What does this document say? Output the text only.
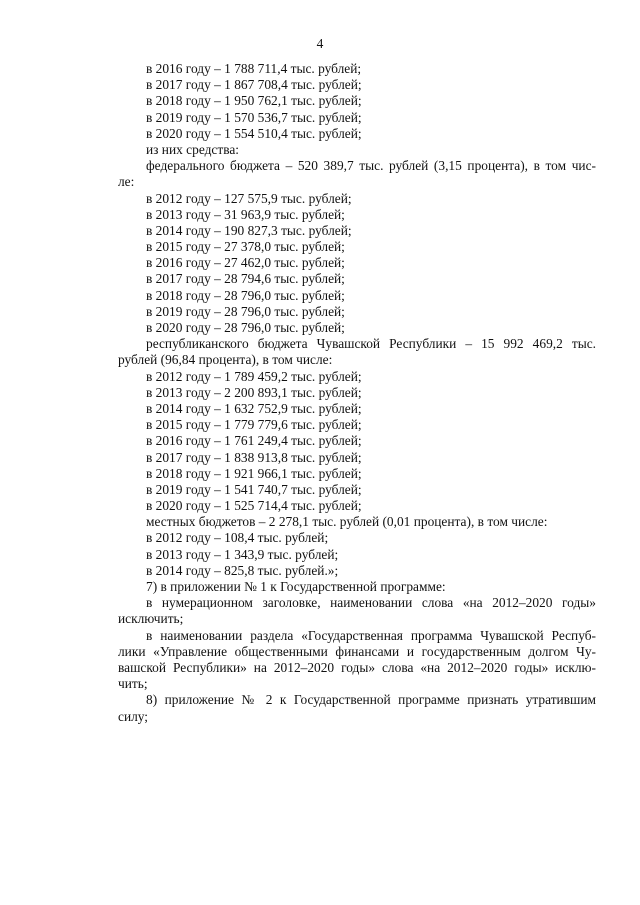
4
в 2016 году – 1 788 711,4 тыс. рублей;
в 2017 году – 1 867 708,4 тыс. рублей;
в 2018 году – 1 950 762,1 тыс. рублей;
в 2019 году – 1 570 536,7 тыс. рублей;
в 2020 году – 1 554 510,4 тыс. рублей;
из них средства:
федерального бюджета – 520 389,7 тыс. рублей (3,15 процента), в том чис-
ле:
в 2012 году – 127 575,9 тыс. рублей;
в 2013 году – 31 963,9 тыс. рублей;
в 2014 году – 190 827,3 тыс. рублей;
в 2015 году – 27 378,0 тыс. рублей;
в 2016 году – 27 462,0 тыс. рублей;
в 2017 году – 28 794,6 тыс. рублей;
в 2018 году – 28 796,0 тыс. рублей;
в 2019 году – 28 796,0 тыс. рублей;
в 2020 году – 28 796,0 тыс. рублей;
республиканского бюджета Чувашской Республики – 15 992 469,2 тыс.
рублей (96,84 процента), в том числе:
в 2012 году – 1 789 459,2 тыс. рублей;
в 2013 году – 2 200 893,1 тыс. рублей;
в 2014 году – 1 632 752,9 тыс. рублей;
в 2015 году – 1 779 779,6 тыс. рублей;
в 2016 году – 1 761 249,4 тыс. рублей;
в 2017 году – 1 838 913,8 тыс. рублей;
в 2018 году – 1 921 966,1 тыс. рублей;
в 2019 году – 1 541 740,7 тыс. рублей;
в 2020 году – 1 525 714,4 тыс. рублей;
местных бюджетов – 2 278,1 тыс. рублей (0,01 процента), в том числе:
в 2012 году – 108,4 тыс. рублей;
в 2013 году – 1 343,9 тыс. рублей;
в 2014 году – 825,8 тыс. рублей.»;
7) в приложении № 1 к Государственной программе:
в нумерационном заголовке, наименовании слова «на 2012–2020 годы»
исключить;
в наименовании раздела «Государственная программа Чувашской Респуб-
лики «Управление общественными финансами и государственным долгом Чу-
вашской Республики» на 2012–2020 годы» слова «на 2012–2020 годы» исклю-
чить;
8) приложение № 2 к Государственной программе признать утратившим
силу;
